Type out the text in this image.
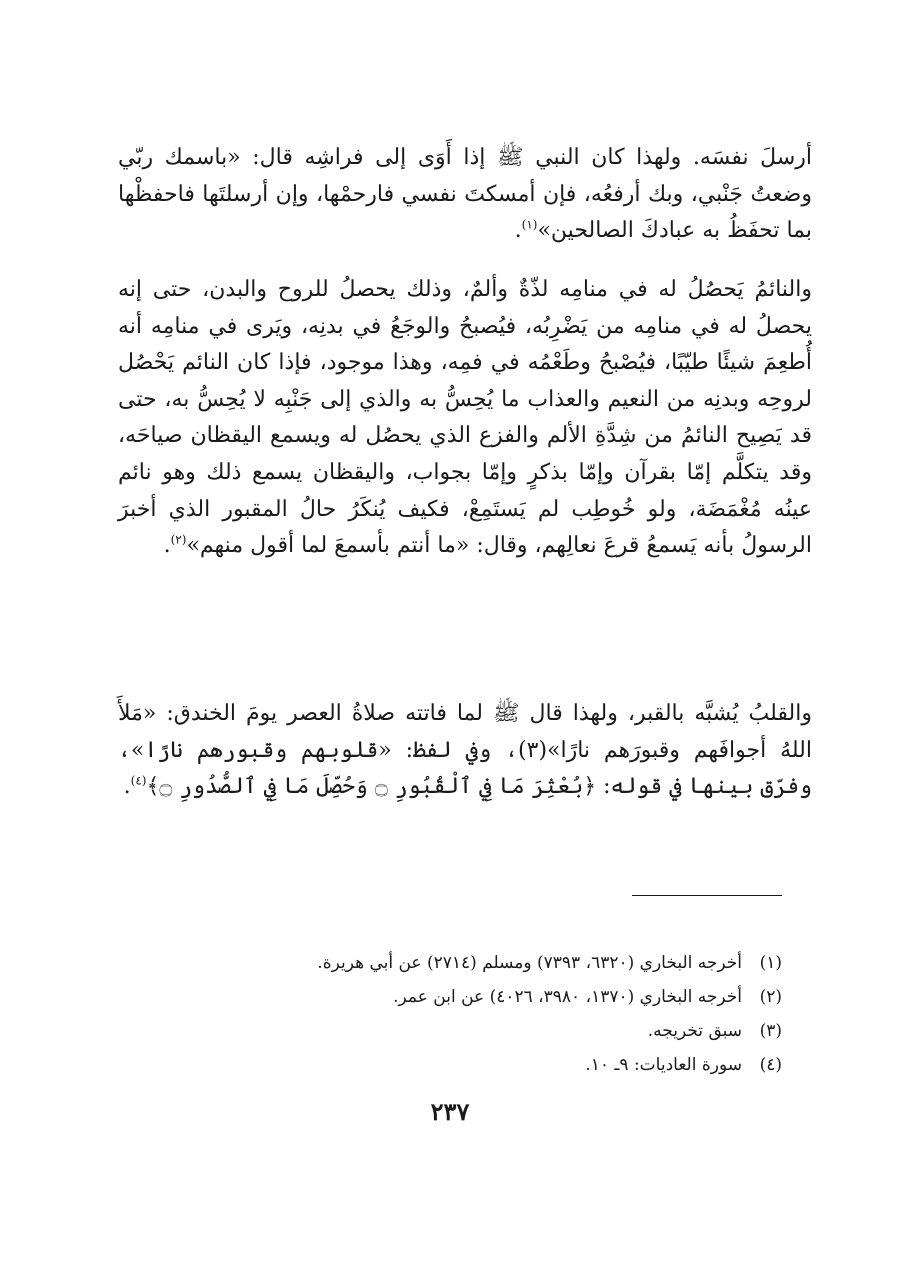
أرسلَ نفسَه. ولهذا كان النبي ﷺ إذا أَوَى إلى فراشِه قال: «باسمك ربّي وضعتُ جَنْبي، وبك أرفعُه، فإن أمسكتَ نفسي فارحمْها، وإن أرسلتَها فاحفظْها بما تحفَظُ به عبادكَ الصالحين»$^{(١)}$.

والنائمُ يَحصُلُ له في منامِه لذّةٌ وألمٌ، وذلك يحصلُ للروح والبدن، حتى إنه يحصلُ له في منامِه من يَضْرِبُه، فيُصبحُ والوجَعُ في بدنِه، ويَرى في منامِه أنه أُطعِمَ شيئًا طيّبًا، فيُصْبحُ وطَعْمُه في فمِه، وهذا موجود، فإذا كان النائم يَحْصُل لروحِه وبدنِه من النعيم والعذاب ما يُحِسُّ به والذي إلى جَنْبِه لا يُحِسُّ به، حتى قد يَصِيح النائمُ من شِدَّةِ الألم والفزع الذي يحصُل له ويسمع اليقظان صياحَه، وقد يتكلَّم إمّا بقرآن وإمّا بذكرٍ وإمّا بجواب، واليقظان يسمع ذلك وهو نائم عينُه مُغْمَضَة، ولو خُوطِب لم يَستَمِعْ، فكيف يُنكَرُ حالُ المقبور الذي أخبرَ الرسولُ بأنه يَسمعُ قرعَ نعالِهم، وقال: «ما أنتم بأسمعَ لما أقول منهم»$^{(٢)}$.

والقلبُ يُشبَّه بالقبر، ولهذا قال ﷺ لما فاتته صلاةُ العصر يومَ الخندق: «مَلأَ اللهُ أجوافَهم وقبورَهم نارًا»(٣)، وفي لفظ: «قلوبهم وقبورهم نارًا»، وفرّق بينها في قوله: ﴿بُعْثِرَ مَا فِي ٱلْقُبُورِ ۝ وَحُصِّلَ مَا فِي ٱلصُّدُورِ ۝﴾$^{(٤)}$.

(١)
أخرجه البخاري (٦٣٢٠، ٧٣٩٣) ومسلم (٢٧١٤) عن أبي هريرة.
(٢)
أخرجه البخاري (١٣٧٠، ٣٩٨٠، ٤٠٢٦) عن ابن عمر.
(٣)
سبق تخريجه.
(٤)
سورة العاديات: ٩ـ ١٠.
٢٣٧
